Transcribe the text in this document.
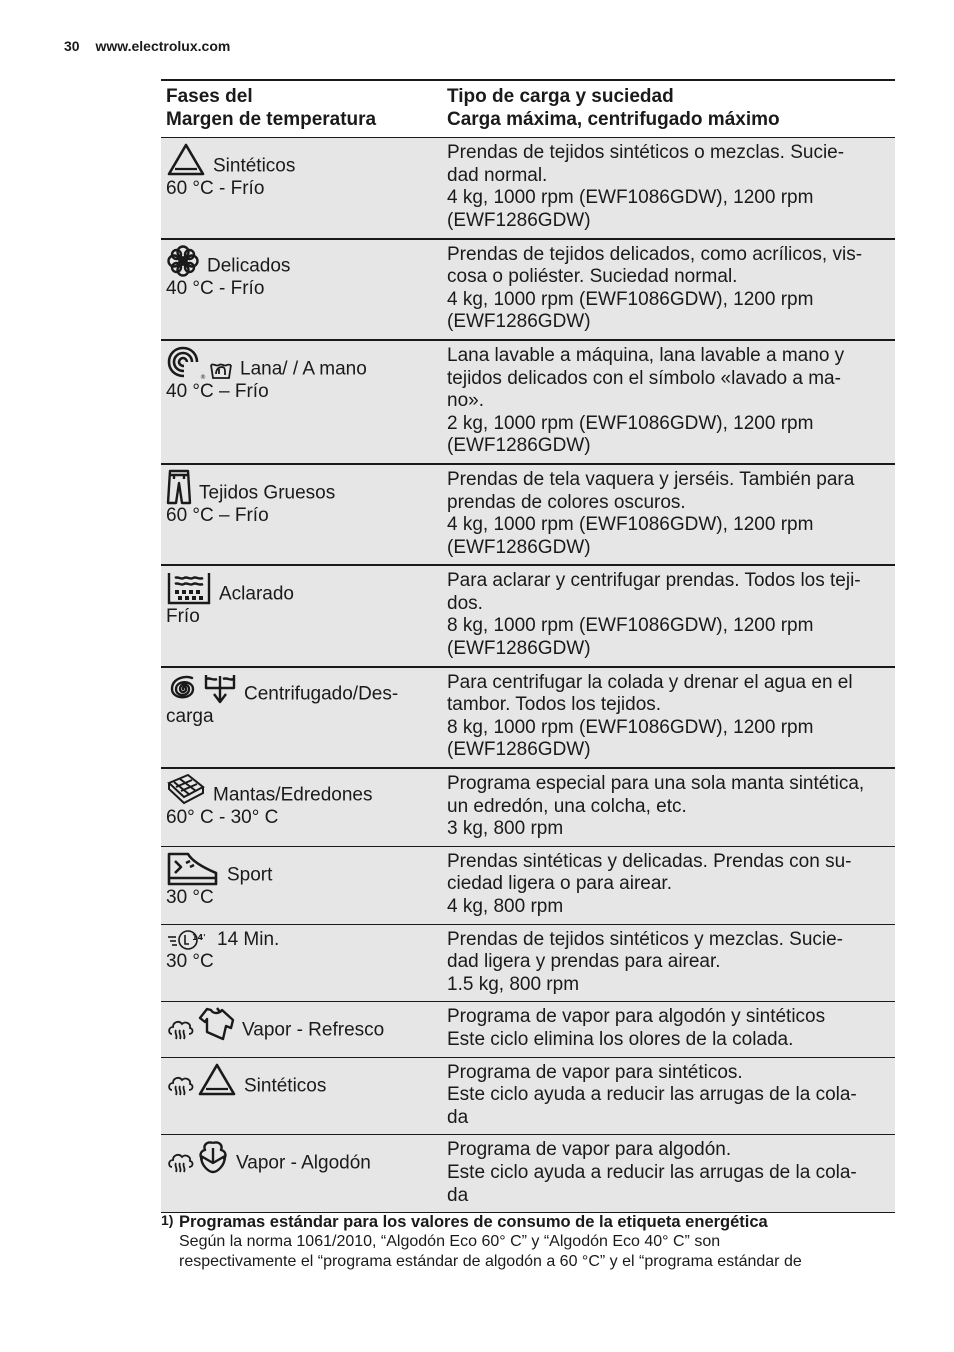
30 www.electrolux.com
Fases del
Margen de temperatura	Tipo de carga y suciedad
Carga máxima, centrifugado máximo

Sintéticos
60 °C - Frío	Prendas de tejidos sintéticos o mezclas. Sucie-
dad normal.
4 kg, 1000 rpm (EWF1086GDW), 1200 rpm
(EWF1286GDW)

Delicados
40 °C - Frío	Prendas de tejidos delicados, como acrílicos, vis-
cosa o poliéster. Suciedad normal.
4 kg, 1000 rpm (EWF1086GDW), 1200 rpm
(EWF1286GDW)

® Lana/ / A mano
40 °C – Frío	Lana lavable a máquina, lana lavable a mano y
tejidos delicados con el símbolo «lavado a ma-
no».
2 kg, 1000 rpm (EWF1086GDW), 1200 rpm
(EWF1286GDW)

Tejidos Gruesos
60 °C – Frío	Prendas de tela vaquera y jerséis. También para
prendas de colores oscuros.
4 kg, 1000 rpm (EWF1086GDW), 1200 rpm
(EWF1286GDW)

Aclarado
Frío	Para aclarar y centrifugar prendas. Todos los teji-
dos.
8 kg, 1000 rpm (EWF1086GDW), 1200 rpm
(EWF1286GDW)

Centrifugado/Des-
carga	Para centrifugar la colada y drenar el agua en el
tambor. Todos los tejidos.
8 kg, 1000 rpm (EWF1086GDW), 1200 rpm
(EWF1286GDW)

Mantas/Edredones
60° C - 30° C	Programa especial para una sola manta sintética,
un edredón, una colcha, etc.
3 kg, 800 rpm

Sport
30 °C	Prendas sintéticas y delicadas. Prendas con su-
ciedad ligera o para airear.
4 kg, 800 rpm

14' 14 Min.
30 °C	Prendas de tejidos sintéticos y mezclas. Sucie-
dad ligera y prendas para airear.
1.5 kg, 800 rpm

Vapor - Refresco	Programa de vapor para algodón y sintéticos
Este ciclo elimina los olores de la colada.

Sintéticos	Programa de vapor para sintéticos.
Este ciclo ayuda a reducir las arrugas de la cola-
da

Vapor - Algodón	Programa de vapor para algodón.
Este ciclo ayuda a reducir las arrugas de la cola-
da
1) Programas estándar para los valores de consumo de la etiqueta energética
Según la norma 1061/2010, “Algodón Eco 60° C” y “Algodón Eco 40° C” son
respectivamente el “programa estándar de algodón a 60 °C” y el “programa estándar de
